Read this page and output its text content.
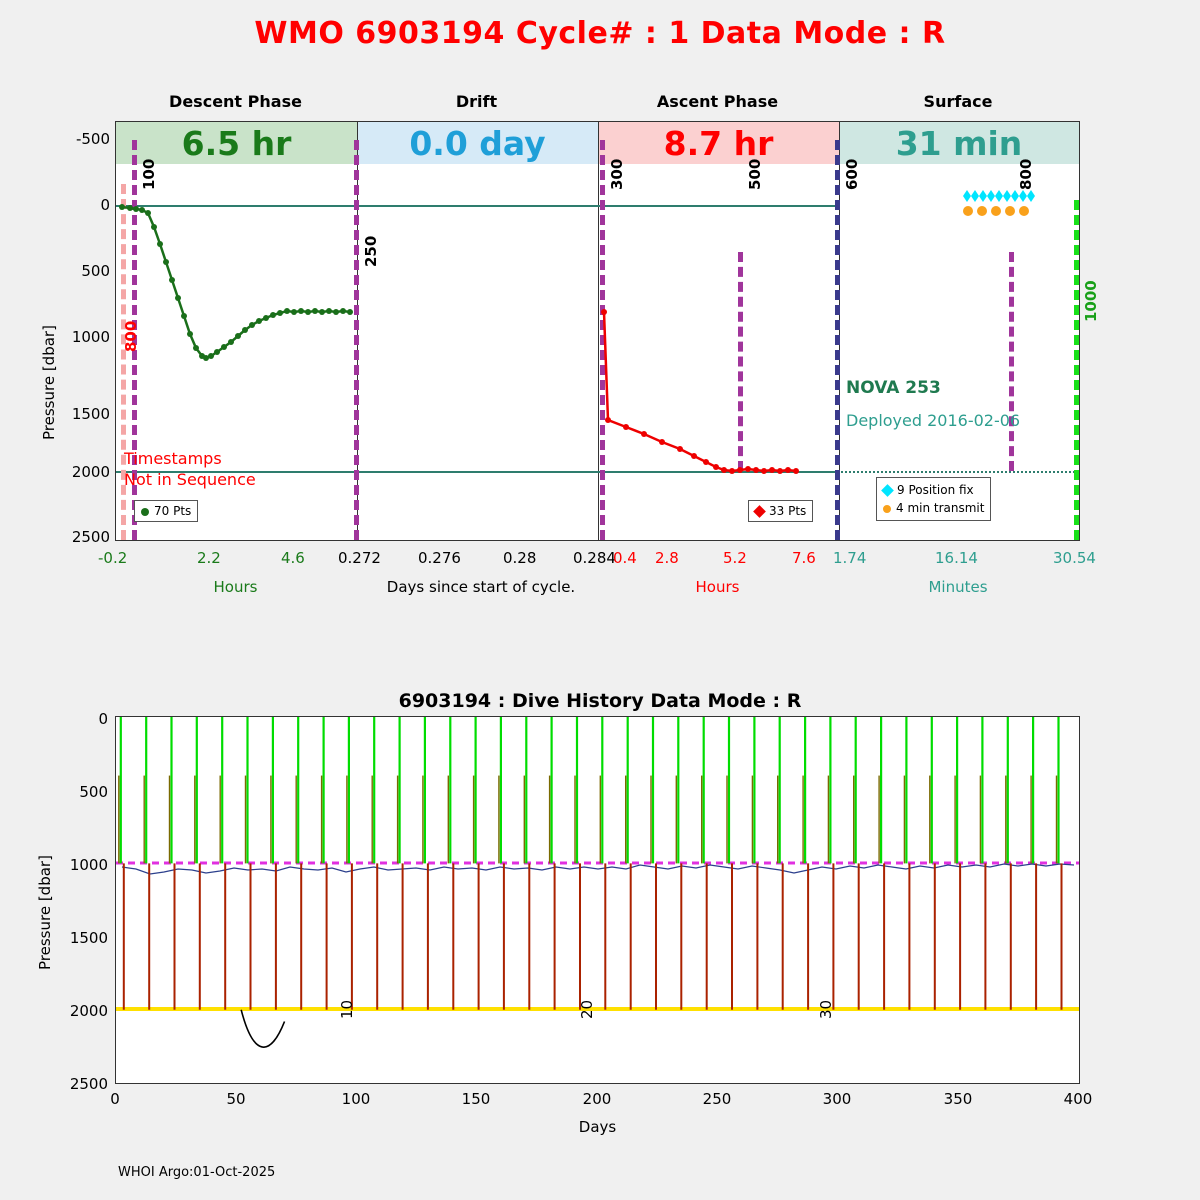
WMO 6903194 Cycle# : 1 Data Mode : R
6.5 hr	0.0 day	8.7 hr	31 min
100
250
300	500	600	800
800
1000
Timestamps
Not in Sequence
NOVA 253
Deployed 2016-02-06
70 Pts	33 Pts
9 Position fix
4 min transmit
-500
0
500
1000
1500
2000
2500
Pressure [dbar]
Descent Phase	Drift	Ascent Phase	Surface
-0.2	2.2	4.6 0.272 0.276	0.28 0.284
0.4 2.8	5.2	7.6 1.74	16.14	30.54
Hours	Days since start of cycle.	Hours	Minutes
6903194 : Dive History Data Mode : R
10	20	30
0
500
1000
1500
2000
2500
Pressure [dbar]
0	50	100	150	200	250	300	350	400
Days
WHOI Argo:01-Oct-2025
